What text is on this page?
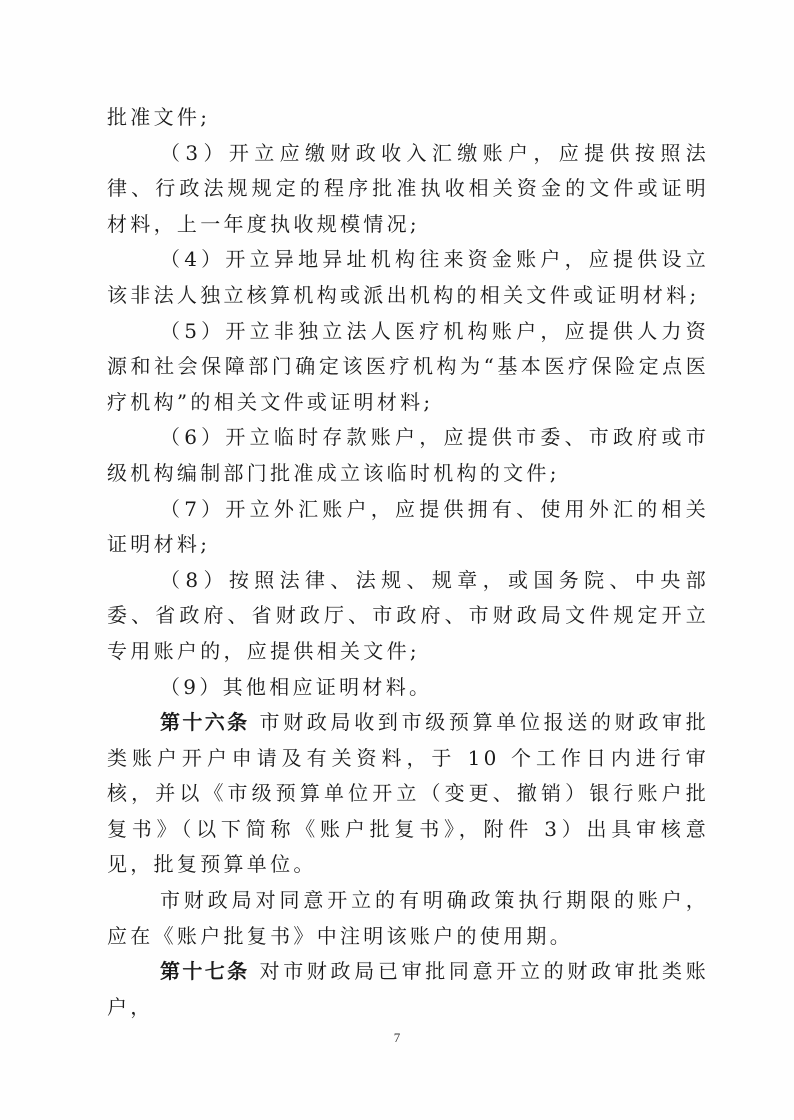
批准文件;

（3）开立应缴财政收入汇缴账户，应提供按照法律、行政法规规定的程序批准执收相关资金的文件或证明材料，上一年度执收规模情况;

（4）开立异地异址机构往来资金账户，应提供设立该非法人独立核算机构或派出机构的相关文件或证明材料;

（5）开立非独立法人医疗机构账户，应提供人力资源和社会保障部门确定该医疗机构为“基本医疗保险定点医疗机构”的相关文件或证明材料;

（6）开立临时存款账户，应提供市委、市政府或市级机构编制部门批准成立该临时机构的文件;

（7）开立外汇账户，应提供拥有、使用外汇的相关证明材料;

（8）按照法律、法规、规章，或国务院、中央部委、省政府、省财政厅、市政府、市财政局文件规定开立专用账户的，应提供相关文件;

（9）其他相应证明材料。

第十六条 市财政局收到市级预算单位报送的财政审批类账户开户申请及有关资料，于 10 个工作日内进行审核，并以《市级预算单位开立（变更、撤销）银行账户批复书》（以下简称《账户批复书》，附件 3）出具审核意见，批复预算单位。

市财政局对同意开立的有明确政策执行期限的账户，应在《账户批复书》中注明该账户的使用期。

第十七条 对市财政局已审批同意开立的财政审批类账户，

7
